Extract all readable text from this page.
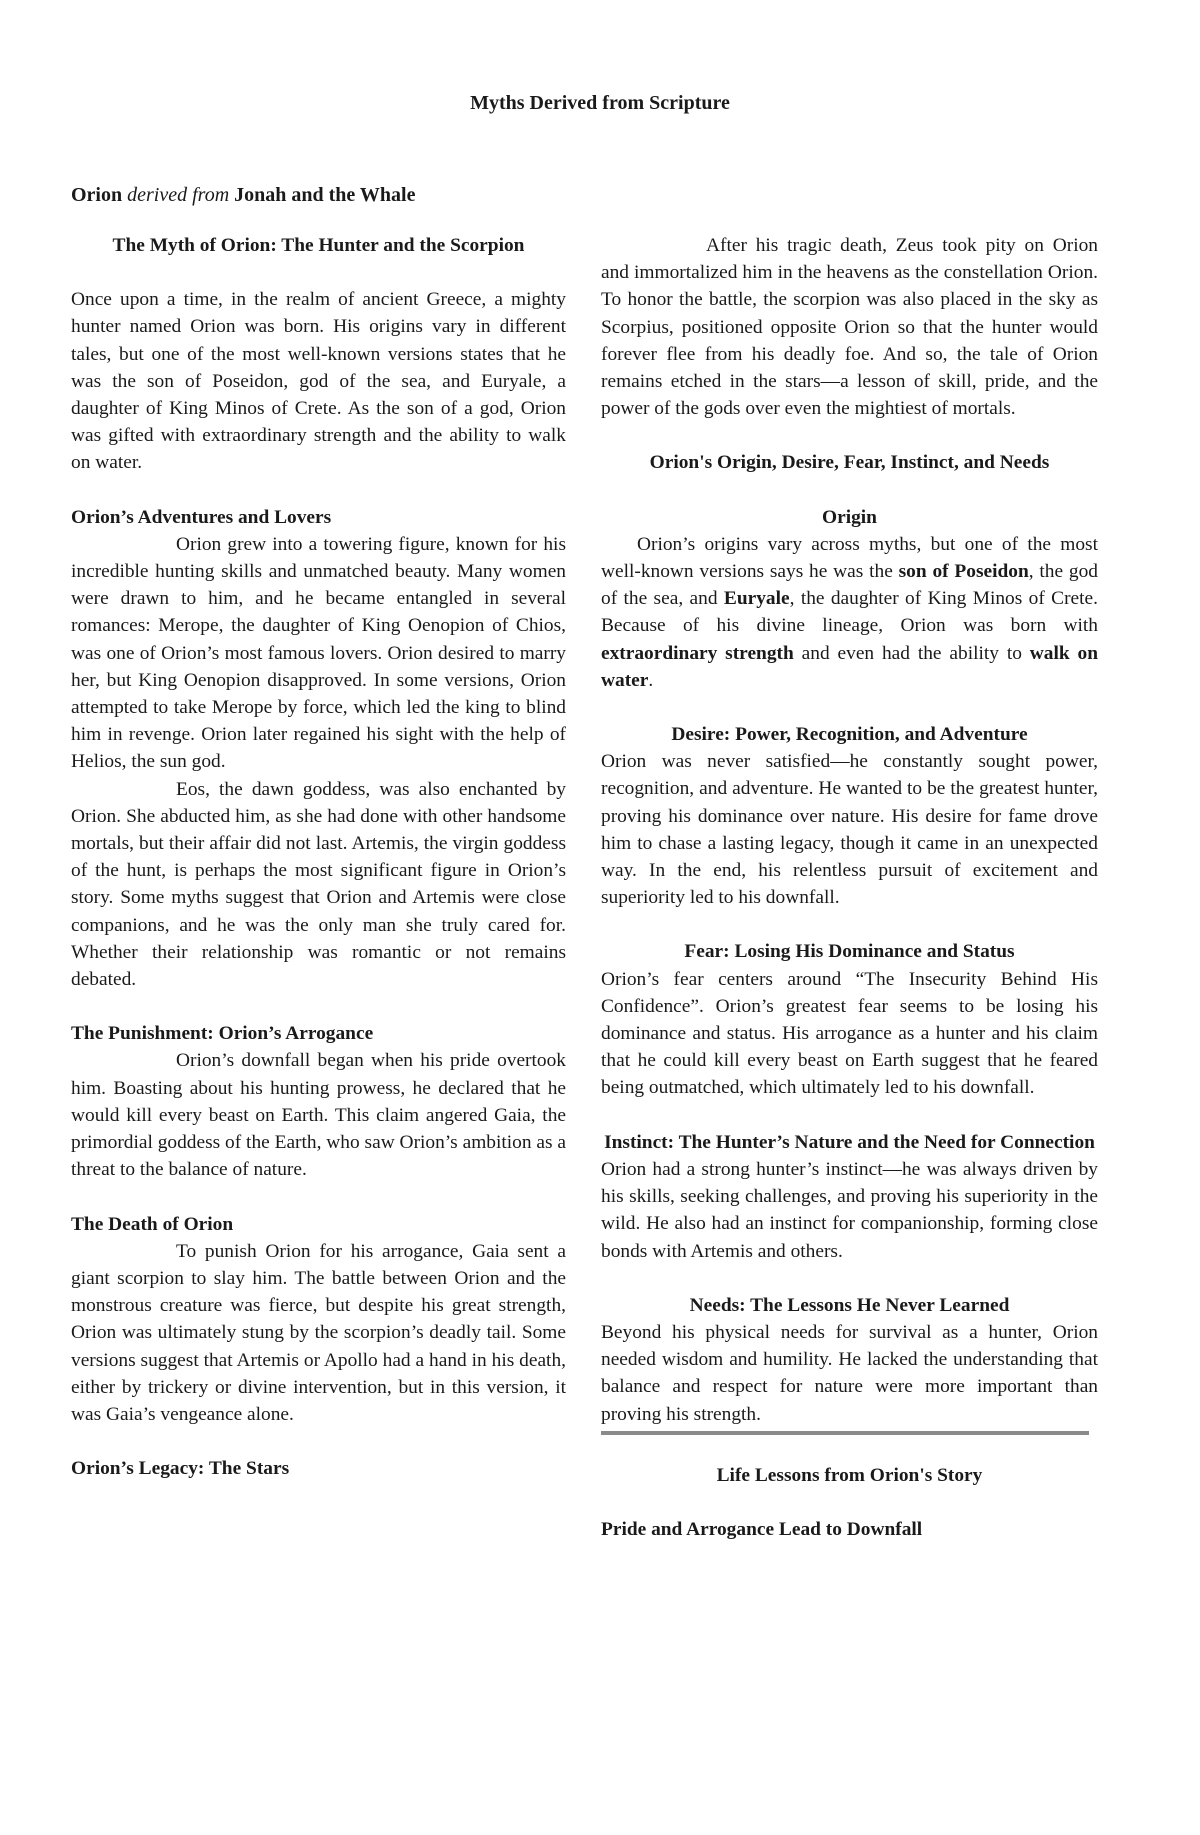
Myths Derived from Scripture
Orion derived from Jonah and the Whale

The Myth of Orion: The Hunter and the Scorpion

Once upon a time, in the realm of ancient Greece, a mighty hunter named Orion was born. His origins vary in different tales, but one of the most well-known versions states that he was the son of Poseidon, god of the sea, and Euryale, a daughter of King Minos of Crete. As the son of a god, Orion was gifted with extraordinary strength and the ability to walk on water.

Orion’s Adventures and Lovers

Orion grew into a towering figure, known for his incredible hunting skills and unmatched beauty. Many women were drawn to him, and he became entangled in several romances: Merope, the daughter of King Oenopion of Chios, was one of Orion’s most famous lovers. Orion desired to marry her, but King Oenopion disapproved. In some versions, Orion attempted to take Merope by force, which led the king to blind him in revenge. Orion later regained his sight with the help of Helios, the sun god.

Eos, the dawn goddess, was also enchanted by Orion. She abducted him, as she had done with other handsome mortals, but their affair did not last. Artemis, the virgin goddess of the hunt, is perhaps the most significant figure in Orion’s story. Some myths suggest that Orion and Artemis were close companions, and he was the only man she truly cared for. Whether their relationship was romantic or not remains debated.

The Punishment: Orion’s Arrogance

Orion’s downfall began when his pride overtook him. Boasting about his hunting prowess, he declared that he would kill every beast on Earth. This claim angered Gaia, the primordial goddess of the Earth, who saw Orion’s ambition as a threat to the balance of nature.

The Death of Orion

To punish Orion for his arrogance, Gaia sent a giant scorpion to slay him. The battle between Orion and the monstrous creature was fierce, but despite his great strength, Orion was ultimately stung by the scorpion’s deadly tail. Some versions suggest that Artemis or Apollo had a hand in his death, either by trickery or divine intervention, but in this version, it was Gaia’s vengeance alone.

Orion’s Legacy: The Stars

After his tragic death, Zeus took pity on Orion and immortalized him in the heavens as the constellation Orion. To honor the battle, the scorpion was also placed in the sky as Scorpius, positioned opposite Orion so that the hunter would forever flee from his deadly foe. And so, the tale of Orion remains etched in the stars—a lesson of skill, pride, and the power of the gods over even the mightiest of mortals.

Orion's Origin, Desire, Fear, Instinct, and Needs

Origin

Orion’s origins vary across myths, but one of the most well-known versions says he was the son of Poseidon, the god of the sea, and Euryale, the daughter of King Minos of Crete. Because of his divine lineage, Orion was born with extraordinary strength and even had the ability to walk on water.

Desire: Power, Recognition, and Adventure

Orion was never satisfied—he constantly sought power, recognition, and adventure. He wanted to be the greatest hunter, proving his dominance over nature. His desire for fame drove him to chase a lasting legacy, though it came in an unexpected way. In the end, his relentless pursuit of excitement and superiority led to his downfall.

Fear: Losing His Dominance and Status

Orion’s fear centers around “The Insecurity Behind His Confidence”. Orion’s greatest fear seems to be losing his dominance and status. His arrogance as a hunter and his claim that he could kill every beast on Earth suggest that he feared being outmatched, which ultimately led to his downfall.

Instinct: The Hunter’s Nature and the Need for Connection

Orion had a strong hunter’s instinct—he was always driven by his skills, seeking challenges, and proving his superiority in the wild. He also had an instinct for companionship, forming close bonds with Artemis and others.

Needs: The Lessons He Never Learned

Beyond his physical needs for survival as a hunter, Orion needed wisdom and humility. He lacked the understanding that balance and respect for nature were more important than proving his strength.

Life Lessons from Orion's Story

Pride and Arrogance Lead to Downfall
